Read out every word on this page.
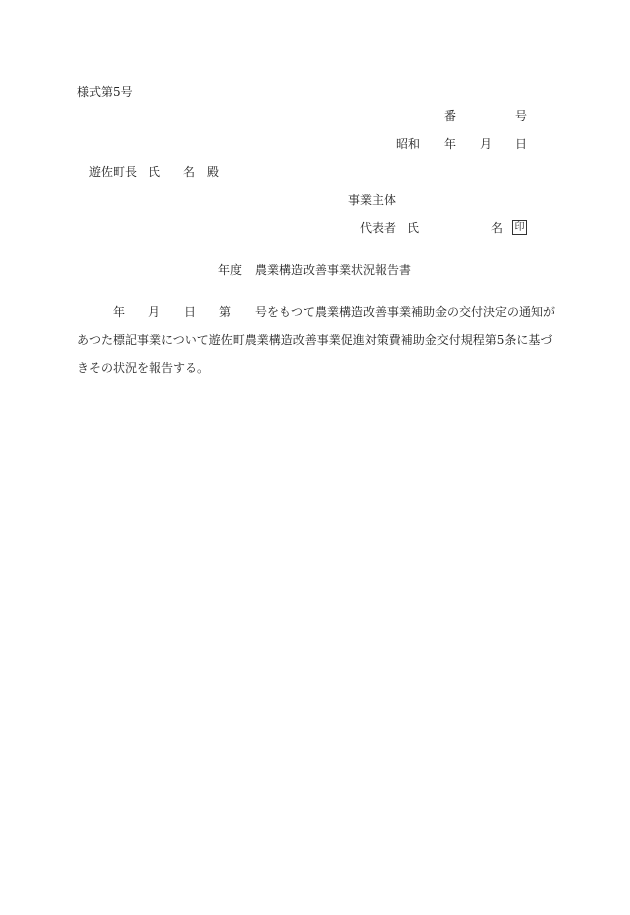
様式第5号
番	号
昭和 年 月 日
遊佐町長 氏 名 殿
事業主体
代表者 氏	名 印
年度 農業構造改善事業状況報告書
年 月 日 第 号をもつて農業構造改善事業補助金の交付決定の通知が
あつた標記事業について遊佐町農業構造改善事業促進対策費補助金交付規程第5条に基づ
きその状況を報告する。
